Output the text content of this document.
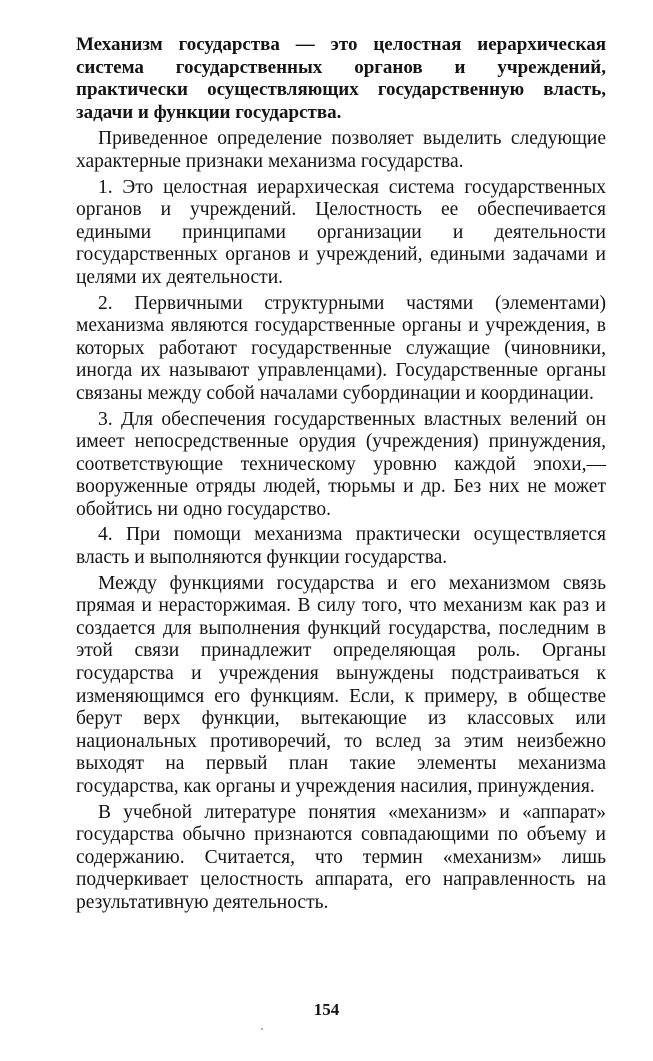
Механизм государства — это целостная иерархическая система государственных органов и учреждений, практически осуществляющих государственную власть, задачи и функции государства.

Приведенное определение позволяет выделить следующие характерные признаки механизма государства.

1. Это целостная иерархическая система государственных органов и учреждений. Целостность ее обеспечивается едиными принципами организации и деятельности государственных органов и учреждений, едиными задачами и целями их деятельности.

2. Первичными структурными частями (элементами) механизма являются государственные органы и учреждения, в которых работают государственные служащие (чиновники, иногда их называют управленцами). Государственные органы связаны между собой началами субординации и координации.

3. Для обеспечения государственных властных велений он имеет непосредственные орудия (учреждения) принуждения, соответствующие техническому уровню каждой эпохи,— вооруженные отряды людей, тюрьмы и др. Без них не может обойтись ни одно государство.

4. При помощи механизма практически осуществляется власть и выполняются функции государства.

Между функциями государства и его механизмом связь прямая и нерасторжимая. В силу того, что механизм как раз и создается для выполнения функций государства, последним в этой связи принадлежит определяющая роль. Органы государства и учреждения вынуждены подстраиваться к изменяющимся его функциям. Если, к примеру, в обществе берут верх функции, вытекающие из классовых или национальных противоречий, то вслед за этим неизбежно выходят на первый план такие элементы механизма государства, как органы и учреждения насилия, принуждения.

В учебной литературе понятия «механизм» и «аппарат» государства обычно признаются совпадающими по объему и содержанию. Считается, что термин «механизм» лишь подчеркивает целостность аппарата, его направленность на результативную деятельность.

154
